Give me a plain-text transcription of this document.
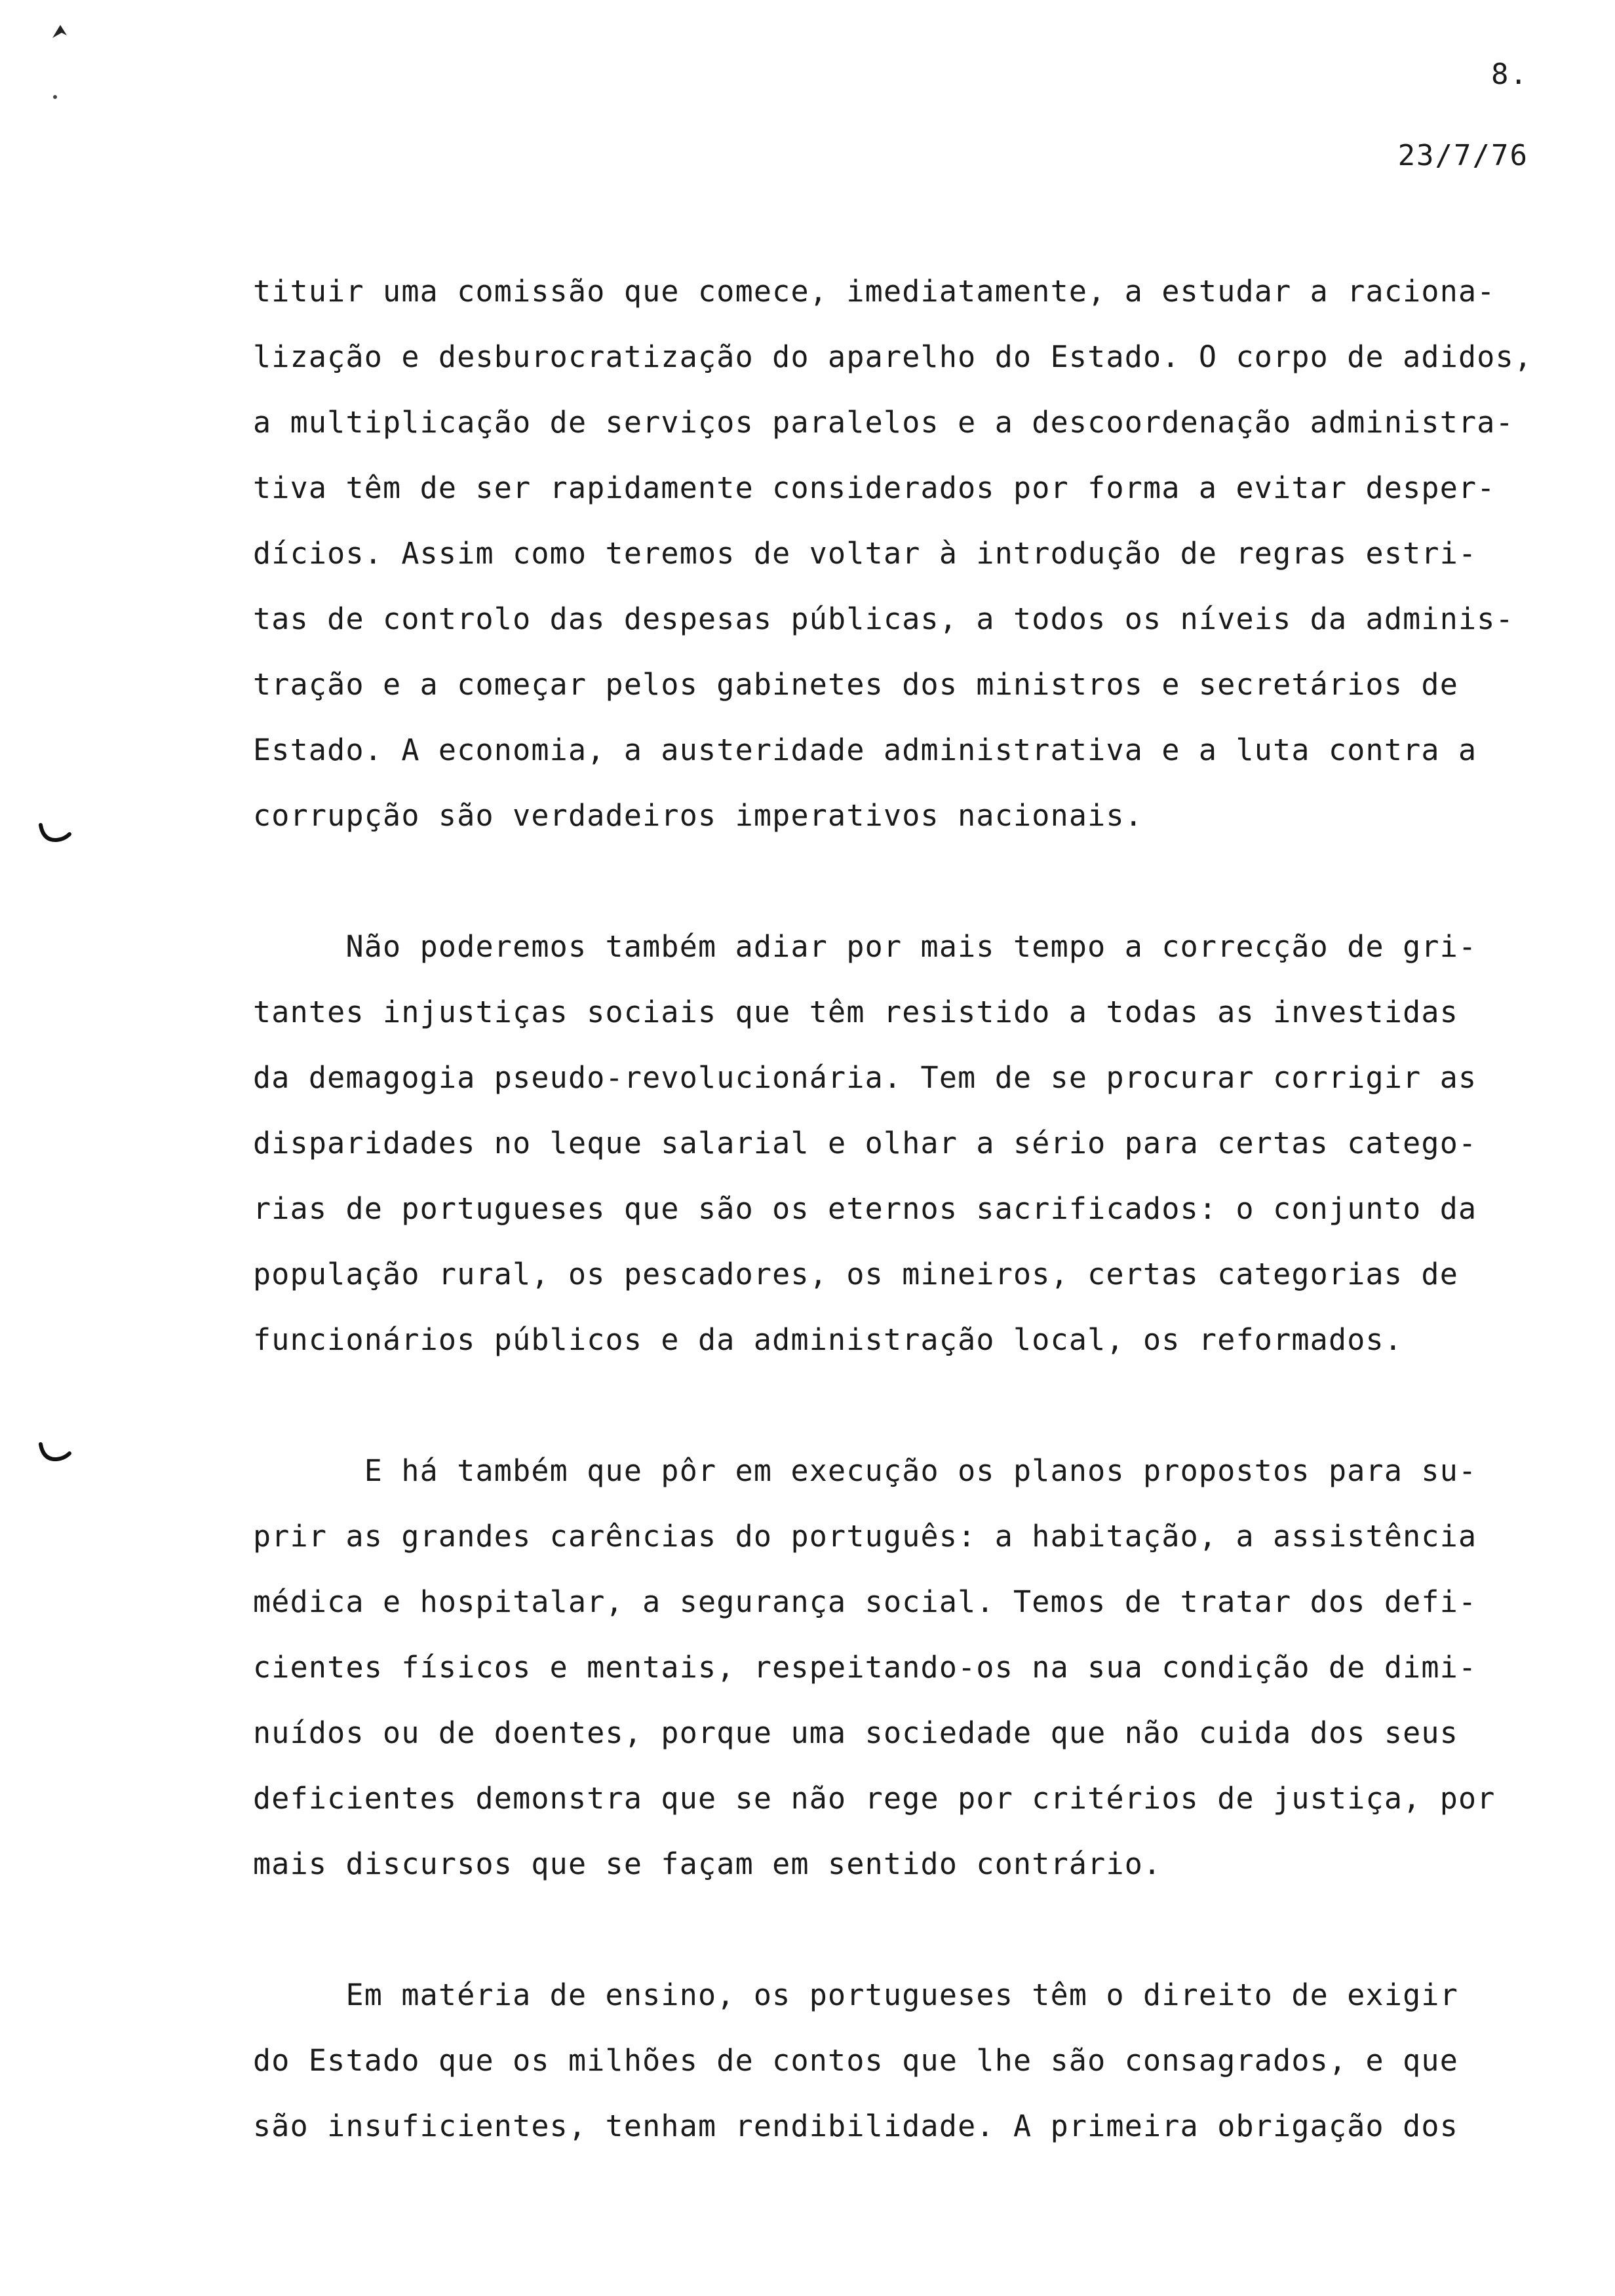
8.
23/7/76
tituir uma comissão que comece, imediatamente, a estudar a raciona-
lização e desburocratização do aparelho do Estado. O corpo de adidos,
a multiplicação de serviços paralelos e a descoordenação administra-
tiva têm de ser rapidamente considerados por forma a evitar desper-
dícios. Assim como teremos de voltar à introdução de regras estri-
tas de controlo das despesas públicas, a todos os níveis da adminis-
tração e a começar pelos gabinetes dos ministros e secretários de
Estado. A economia, a austeridade administrativa e a luta contra a
corrupção são verdadeiros imperativos nacionais.
Não poderemos também adiar por mais tempo a correcção de gri-
tantes injustiças sociais que têm resistido a todas as investidas
da demagogia pseudo-revolucionária. Tem de se procurar corrigir as
disparidades no leque salarial e olhar a sério para certas catego-
rias de portugueses que são os eternos sacrificados: o conjunto da
população rural, os pescadores, os mineiros, certas categorias de
funcionários públicos e da administração local, os reformados.
E há também que pôr em execução os planos propostos para su-
prir as grandes carências do português: a habitação, a assistência
médica e hospitalar, a segurança social. Temos de tratar dos defi-
cientes físicos e mentais, respeitando-os na sua condição de dimi-
nuídos ou de doentes, porque uma sociedade que não cuida dos seus
deficientes demonstra que se não rege por critérios de justiça, por
mais discursos que se façam em sentido contrário.
Em matéria de ensino, os portugueses têm o direito de exigir
do Estado que os milhões de contos que lhe são consagrados, e que
são insuficientes, tenham rendibilidade. A primeira obrigação dos
